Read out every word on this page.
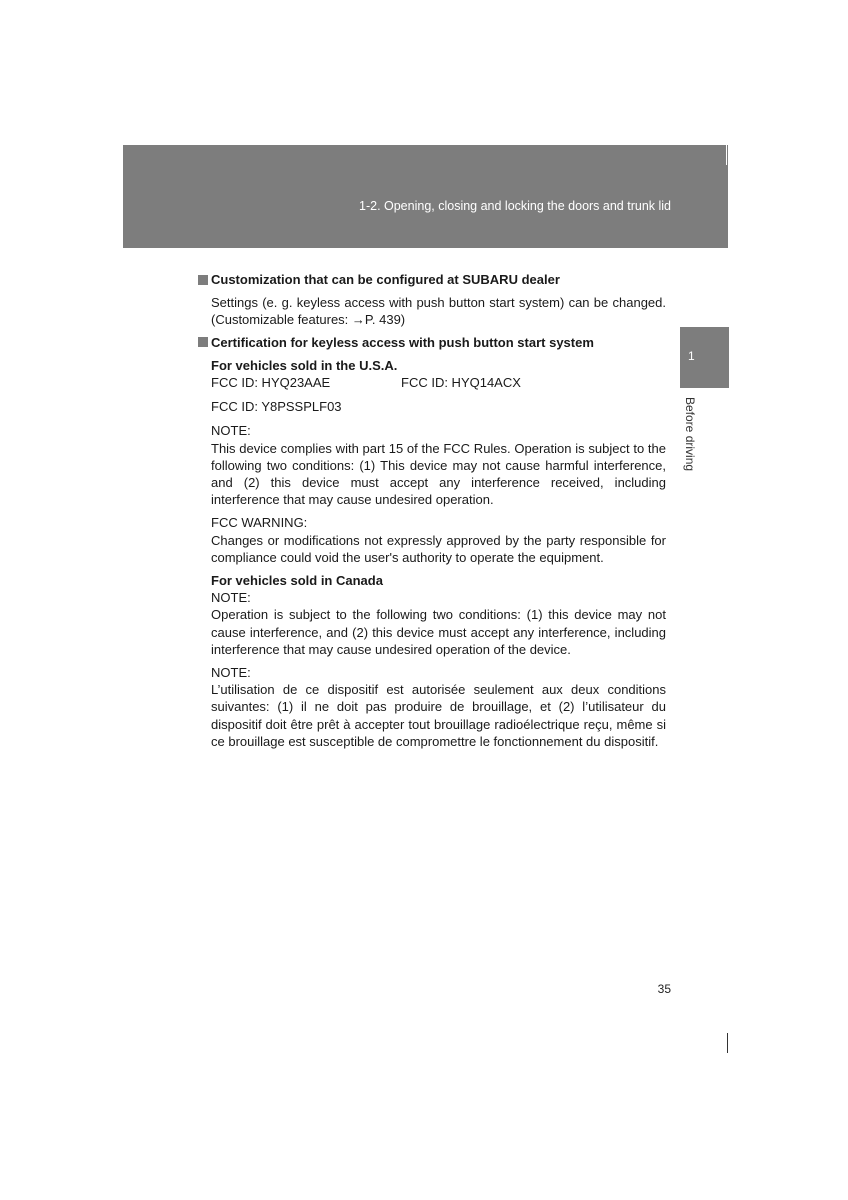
1-2. Opening, closing and locking the doors and trunk lid
1
Before driving
Customization that can be configured at SUBARU dealer

Settings (e. g. keyless access with push button start system) can be changed. (Customizable features: →P. 439)

Certification for keyless access with push button start system

For vehicles sold in the U.S.A.

FCC ID: HYQ23AAE	FCC ID: HYQ14ACX

FCC ID: Y8PSSPLF03

NOTE:

This device complies with part 15 of the FCC Rules. Operation is subject to the following two conditions: (1) This device may not cause harmful interference, and (2) this device must accept any interference received, including interference that may cause undesired operation.

FCC WARNING:

Changes or modifications not expressly approved by the party responsible for compliance could void the user's authority to operate the equipment.

For vehicles sold in Canada

NOTE:

Operation is subject to the following two conditions: (1) this device may not cause interference, and (2) this device must accept any interference, including interference that may cause undesired operation of the device.

NOTE:

L’utilisation de ce dispositif est autorisée seulement aux deux conditions suivantes: (1) il ne doit pas produire de brouillage, et (2) l’utilisateur du dispositif doit être prêt à accepter tout brouillage radioélectrique reçu, même si ce brouillage est susceptible de compromettre le fonctionnement du dispositif.

35
